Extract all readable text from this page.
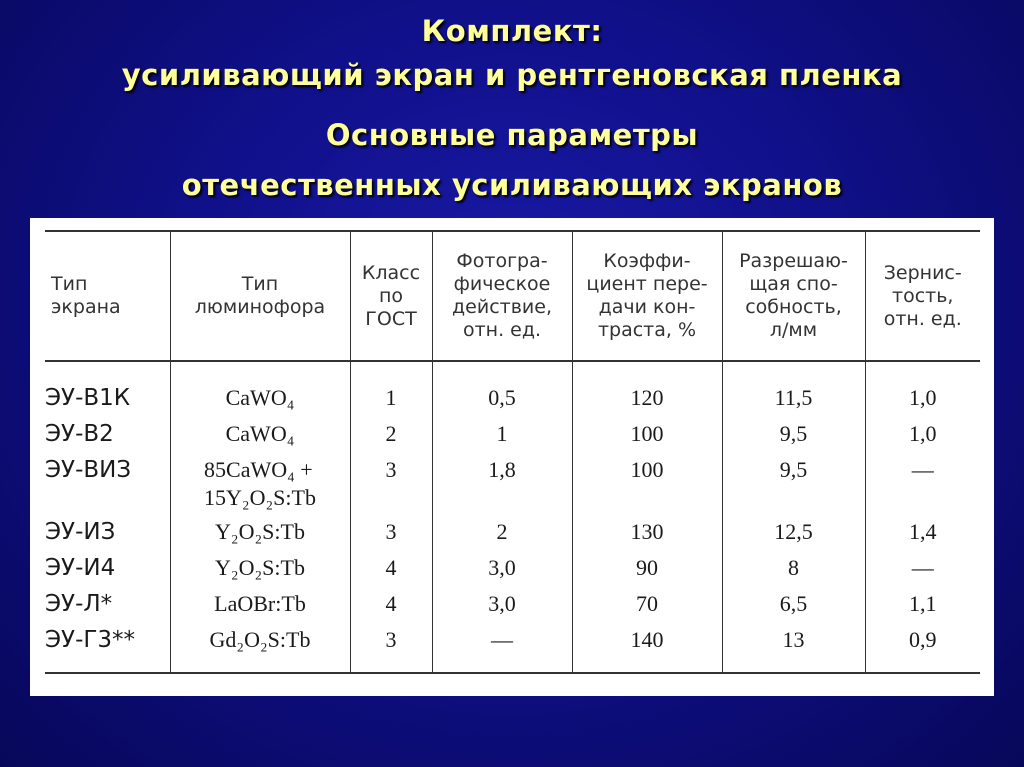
Комплект:
усиливающий экран и рентгеновская пленка
Основные параметры
отечественных усиливающих экранов
Тип
экрана	Тип
люминофора	Класс
по
ГОСТ	Фотогра-
фическое
действие,
отн. ед.	Коэффи-
циент пере-
дачи кон-
траста, %	Разрешаю-
щая спо-
собность,
л/мм	Зернис-
тость,
отн. ед.
ЭУ-В1К	CaWO₄	1	0,5	120	11,5	1,0
ЭУ-В2	CaWO₄	2	1	100	9,5	1,0
ЭУ-ВИЗ	85CaWO₄ +
15Y₂O₂S:Tb	3	1,8	100	9,5	—
ЭУ-ИЗ	Y₂O₂S:Tb	3	2	130	12,5	1,4
ЭУ-И4	Y₂O₂S:Tb	4	3,0	90	8	—
ЭУ-Л*	LaOBr:Tb	4	3,0	70	6,5	1,1
ЭУ-Г3**	Gd₂O₂S:Tb	3	—	140	13	0,9
